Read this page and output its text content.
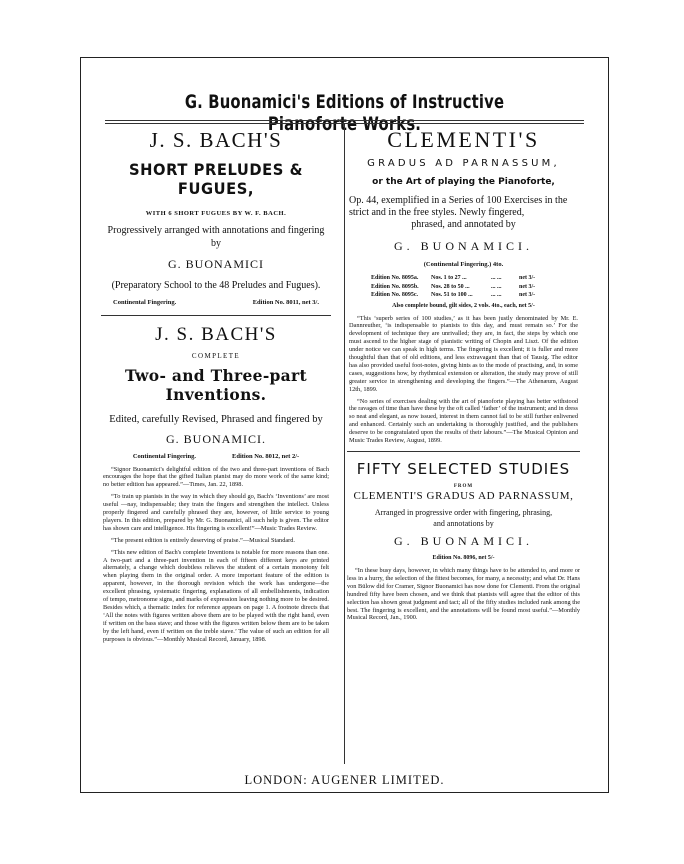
G. Buonamici's Editions of Instructive Pianoforte Works.
J. S. BACH'S
SHORT PRELUDES & FUGUES,
WITH 6 SHORT FUGUES BY W. F. BACH.
Progressively arranged with annotations and fingering by
G. BUONAMICI
(Preparatory School to the 48 Preludes and Fugues).
Continental Fingering.	Edition No. 8011, net 3/.
J. S. BACH'S
COMPLETE
Two- and Three-part Inventions.
Edited, carefully Revised, Phrased and fingered by
G. BUONAMICI.
Continental Fingering.	Edition No. 8012, net 2/-

“Signor Buonamici's delightful edition of the two and three-part inventions of Bach encourages the hope that the gifted Italian pianist may do more work of the same kind; no better edition has appeared.”—Times, Jan. 22, 1898.

“To train up pianists in the way in which they should go, Bach's ‘Inventions’ are most useful —nay, indispensable; they train the fingers and strengthen the intellect. Unless properly fingered and carefully phrased they are, however, of little service to young players. In this edition, prepared by Mr. G. Buonamici, all such help is given. The editor has shown care and intelligence. His fingering is excellent!”—Music Trades Review.

“The present edition is entirely deserving of praise.”—Musical Standard.

“This new edition of Bach's complete Inventions is notable for more reasons than one. A two-part and a three-part invention in each of fifteen different keys are printed alternately, a change which doubtless relieves the student of a certain monotony felt when playing them in the original order. A more important feature of the edition is apparent, however, in the thorough revision which the work has undergone—the excellent phrasing, systematic fingering, explanations of all embellishments, indication of tempo, metronome signs, and marks of expression leaving nothing more to be desired. Besides which, a thematic index for reference appears on page 1. A footnote directs that ‘All the notes with figures written above them are to be played with the right hand, even if written on the bass stave; and those with the figures written below them are to be taken by the left hand, even if written on the treble stave.’ The value of such an edition for all purposes is obvious.”—Monthly Musical Record, January, 1898.

CLEMENTI'S
GRADUS AD PARNASSUM,
or the Art of playing the Pianoforte,
Op. 44, exemplified in a Series of 100 Exercises in the strict and in the free styles. Newly fingered,
phrased, and annotated by
G. BUONAMICI.
(Continental Fingering.) 4to.
Edition No. 8095a.	Nos. 1 to 27 ...	... ...	net 3/-
Edition No. 8095b.	Nos. 28 to 50 ...	... ...	net 3/-
Edition No. 8095c.	Nos. 51 to 100 ...	... ...	net 3/-
Also complete bound, gilt sides, 2 vols. 4to., each, net 5/-

“This ‘superb series of 100 studies,’ as it has been justly denominated by Mr. E. Dannreuther, ‘is indispensable to pianists to this day, and must remain so.’ For the development of technique they are unrivalled; they are, in fact, the steps by which one must ascend to the higher stage of pianistic writing of Chopin and Liszt. Of the edition under notice we can speak in high terms. The fingering is excellent; it is fuller and more thoughtful than that of old editions, and less extravagant than that of Tausig. The editor has also provided useful foot-notes, giving hints as to the mode of practising, and, in some cases, suggestions how, by rhythmical extension or alteration, the study may prove of still greater service in strengthening and developing the fingers.”—The Athenæum, August 12th, 1899.

“No series of exercises dealing with the art of pianoforte playing has better withstood the ravages of time than have these by the oft called ‘father’ of the instrument; and in dress so neat and elegant, as now issued, interest in them cannot fail to be still further enlivened and enhanced. Certainly such an undertaking is thoroughly justified, and the publishers deserve to be congratulated upon the results of their labours.”—The Musical Opinion and Music Trades Review, August, 1899.

FIFTY SELECTED STUDIES
FROM
CLEMENTI'S GRADUS AD PARNASSUM,
Arranged in progressive order with fingering, phrasing,
and annotations by
G. BUONAMICI.
Edition No. 8096, net 5/-

“In these busy days, however, in which many things have to be attended to, and more or less in a hurry, the selection of the fittest becomes, for many, a necessity; and what Dr. Hans von Bülow did for Cramer, Signor Buonamici has now done for Clementi. From the original hundred fifty have been chosen, and we think that pianists will agree that the editor of this selection has shown great judgment and tact; all of the fifty studies included rank among the best. The fingering is excellent, and the annotations will be found most useful.”—Monthly Musical Record, Jan., 1900.

LONDON: AUGENER LIMITED.
